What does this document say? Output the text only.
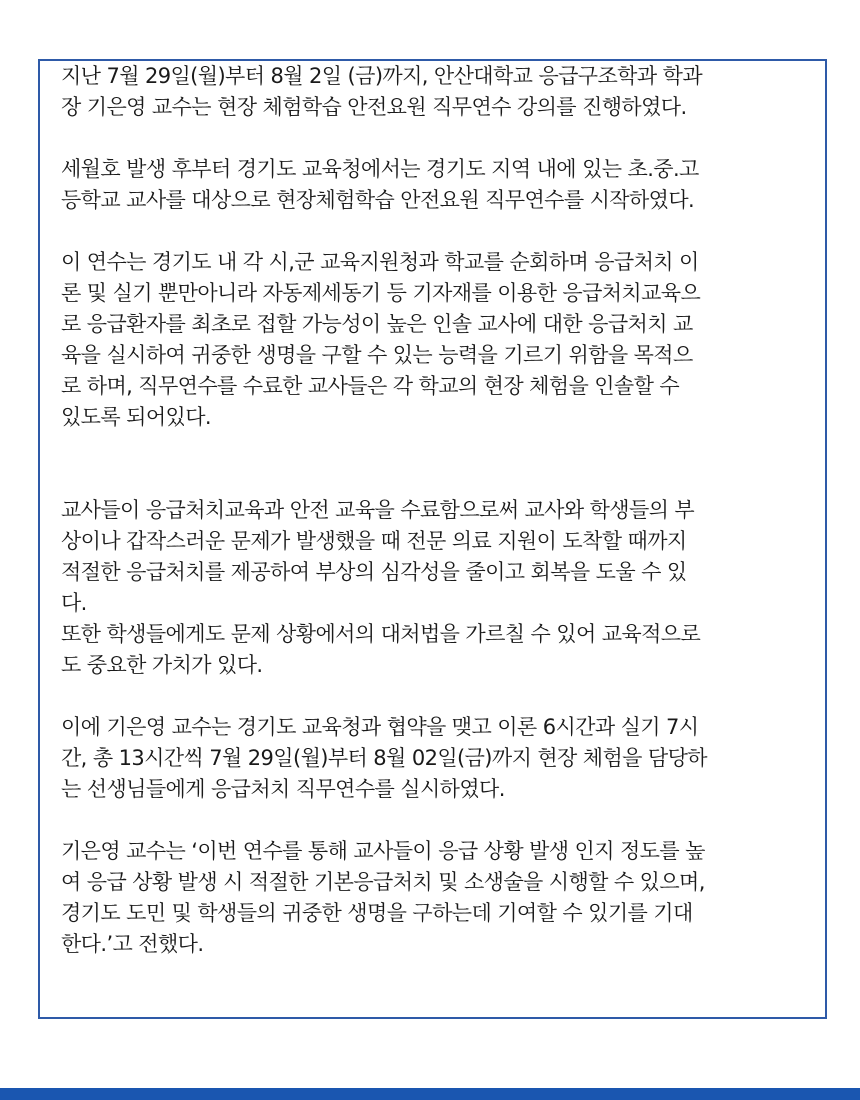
지난 7월 29일(월)부터 8월 2일 (금)까지, 안산대학교 응급구조학과 학과
장 기은영 교수는 현장 체험학습 안전요원 직무연수 강의를 진행하였다.

세월호 발생 후부터 경기도 교육청에서는 경기도 지역 내에 있는 초.중.고
등학교 교사를 대상으로 현장체험학습 안전요원 직무연수를 시작하였다.

이 연수는 경기도 내 각 시,군 교육지원청과 학교를 순회하며 응급처치 이
론 및 실기 뿐만아니라 자동제세동기 등 기자재를 이용한 응급처치교육으
로 응급환자를 최초로 접할 가능성이 높은 인솔 교사에 대한 응급처치 교
육을 실시하여 귀중한 생명을 구할 수 있는 능력을 기르기 위함을 목적으
로 하며, 직무연수를 수료한 교사들은 각 학교의 현장 체험을 인솔할 수
있도록 되어있다.

교사들이 응급처치교육과 안전 교육을 수료함으로써 교사와 학생들의 부
상이나 갑작스러운 문제가 발생했을 때 전문 의료 지원이 도착할 때까지
적절한 응급처치를 제공하여 부상의 심각성을 줄이고 회복을 도울 수 있
다.
또한 학생들에게도 문제 상황에서의 대처법을 가르칠 수 있어 교육적으로
도 중요한 가치가 있다.

이에 기은영 교수는 경기도 교육청과 협약을 맺고 이론 6시간과 실기 7시
간, 총 13시간씩 7월 29일(월)부터 8월 02일(금)까지 현장 체험을 담당하
는 선생님들에게 응급처치 직무연수를 실시하였다.

기은영 교수는 ‘이번 연수를 통해 교사들이 응급 상황 발생 인지 정도를 높
여 응급 상황 발생 시 적절한 기본응급처치 및 소생술을 시행할 수 있으며,
경기도 도민 및 학생들의 귀중한 생명을 구하는데 기여할 수 있기를 기대
한다.’고 전했다.
